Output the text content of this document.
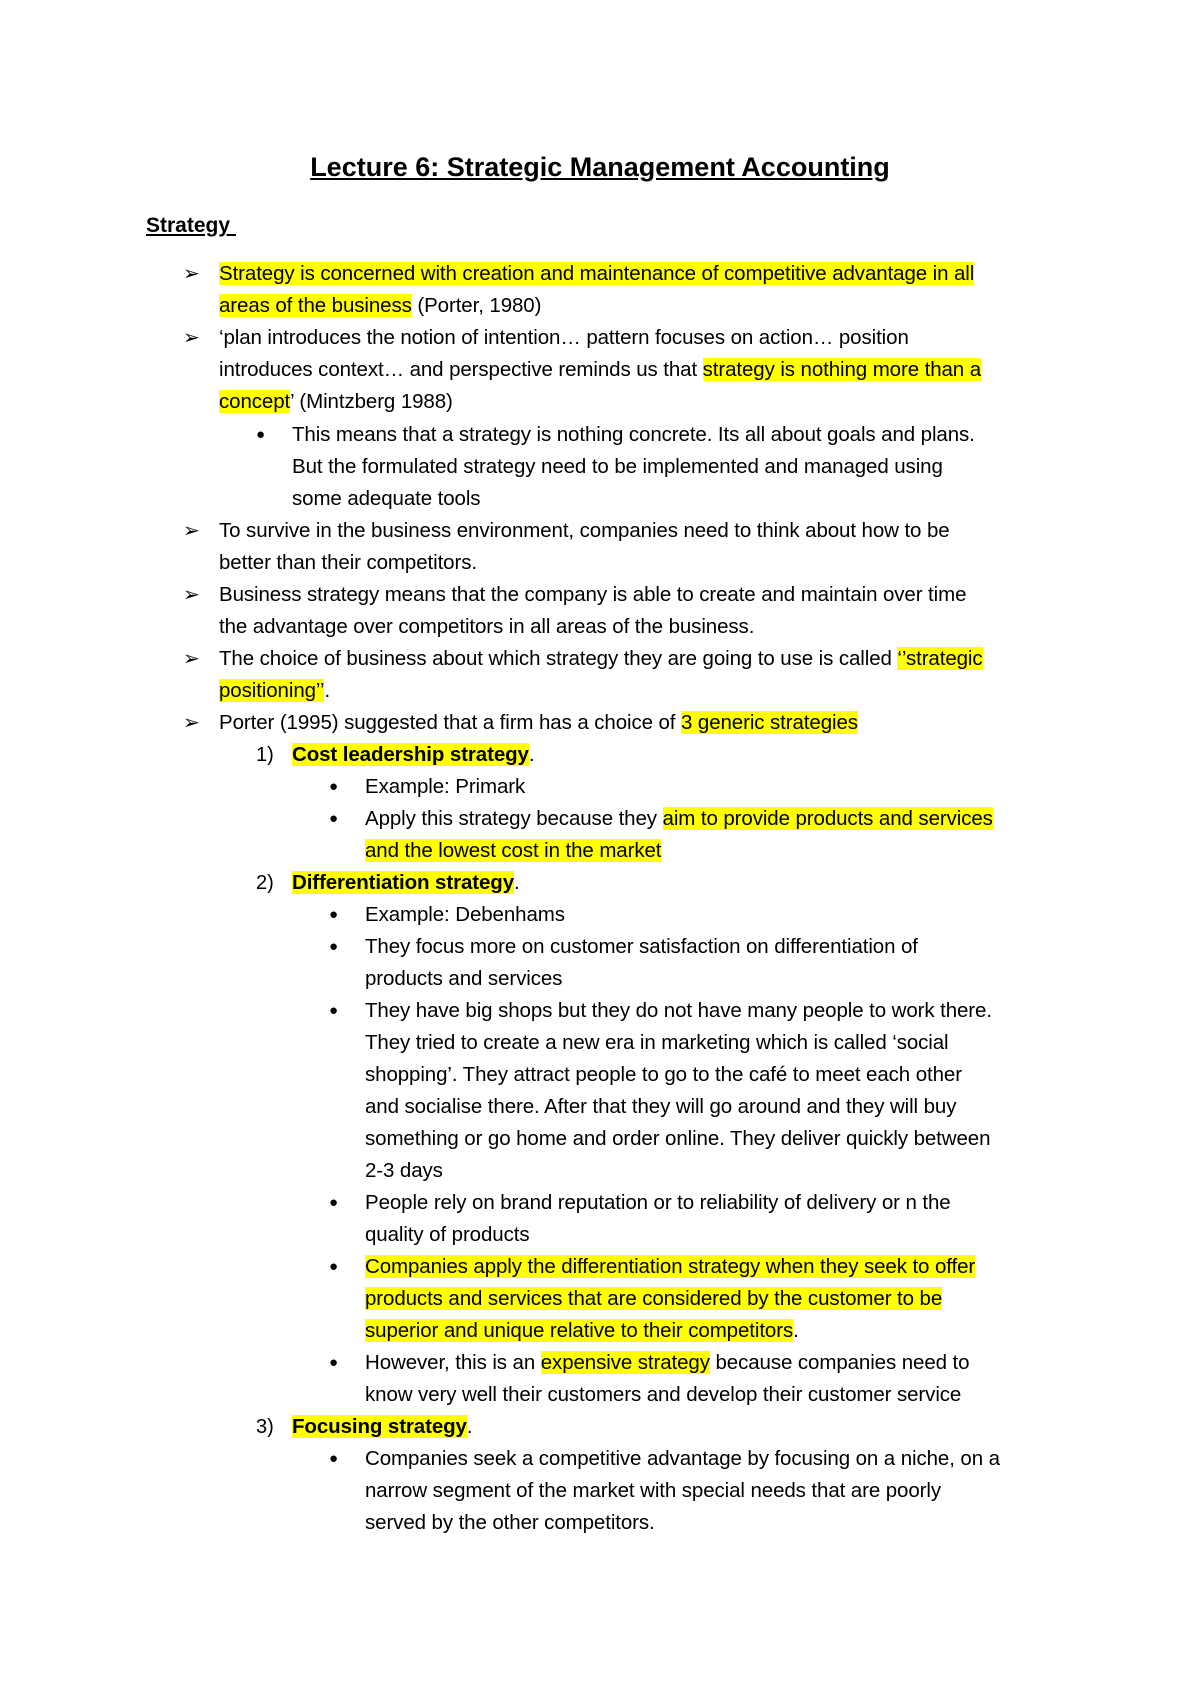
Lecture 6: Strategic Management Accounting
Strategy
➢ Strategy is concerned with creation and maintenance of competitive advantage in all
areas of the business (Porter, 1980)
➢ ‘plan introduces the notion of intention… pattern focuses on action… position
introduces context… and perspective reminds us that strategy is nothing more than a
concept’ (Mintzberg 1988)
● This means that a strategy is nothing concrete. Its all about goals and plans.
But the formulated strategy need to be implemented and managed using
some adequate tools
➢ To survive in the business environment, companies need to think about how to be
better than their competitors.
➢ Business strategy means that the company is able to create and maintain over time
the advantage over competitors in all areas of the business.
➢ The choice of business about which strategy they are going to use is called ‘’strategic
positioning’’.
➢ Porter (1995) suggested that a firm has a choice of 3 generic strategies
1) Cost leadership strategy.
● Example: Primark
● Apply this strategy because they aim to provide products and services
and the lowest cost in the market
2) Differentiation strategy.
● Example: Debenhams
● They focus more on customer satisfaction on differentiation of
products and services
● They have big shops but they do not have many people to work there.
They tried to create a new era in marketing which is called ‘social
shopping’. They attract people to go to the café to meet each other
and socialise there. After that they will go around and they will buy
something or go home and order online. They deliver quickly between
2-3 days
● People rely on brand reputation or to reliability of delivery or n the
quality of products
● Companies apply the differentiation strategy when they seek to offer
products and services that are considered by the customer to be
superior and unique relative to their competitors.
● However, this is an expensive strategy because companies need to
know very well their customers and develop their customer service
3) Focusing strategy.
● Companies seek a competitive advantage by focusing on a niche, on a
narrow segment of the market with special needs that are poorly
served by the other competitors.
